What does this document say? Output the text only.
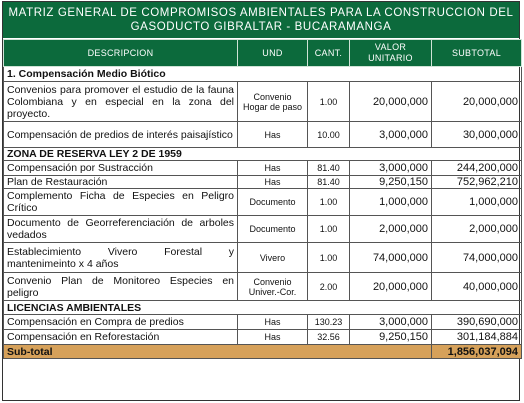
MATRIZ GENERAL DE COMPROMISOS AMBIENTALES PARA LA CONSTRUCCION DEL
GASODUCTO GIBRALTAR - BUCARAMANGA
DESCRIPCION	UND	CANT.	VALOR UNITARIO	SUBTOTAL
1. Compensación Medio Biótico				
Convenios para promover el estudio de la fauna Colombiana y en especial en la zona del proyecto.	Convenio Hogar de paso	1.00	20,000,000	20,000,000
Compensación de predios de interés paisajístico	Has	10.00	3,000,000	30,000,000
ZONA DE RESERVA LEY 2 DE 1959				
Compensación por Sustracción	Has	81.40	3,000,000	244,200,000
Plan de Restauración	Has	81.40	9,250,150	752,962,210
Complemento Ficha de Especies en Peligro Crítico	Documento	1.00	1,000,000	1,000,000
Documento de Georreferenciación de arboles vedados	Documento	1.00	2,000,000	2,000,000
Establecimiento Vivero Forestal y mantenimeinto x 4 años	Vivero	1.00	74,000,000	74,000,000
Convenio Plan de Monitoreo Especies en peligro	Convenio Univer.-Cor.	2.00	20,000,000	40,000,000
LICENCIAS AMBIENTALES				
Compensación en Compra de predios	Has	130.23	3,000,000	390,690,000
Compensación en Reforestación	Has	32.56	9,250,150	301,184,884
Sub-total				1,856,037,094
